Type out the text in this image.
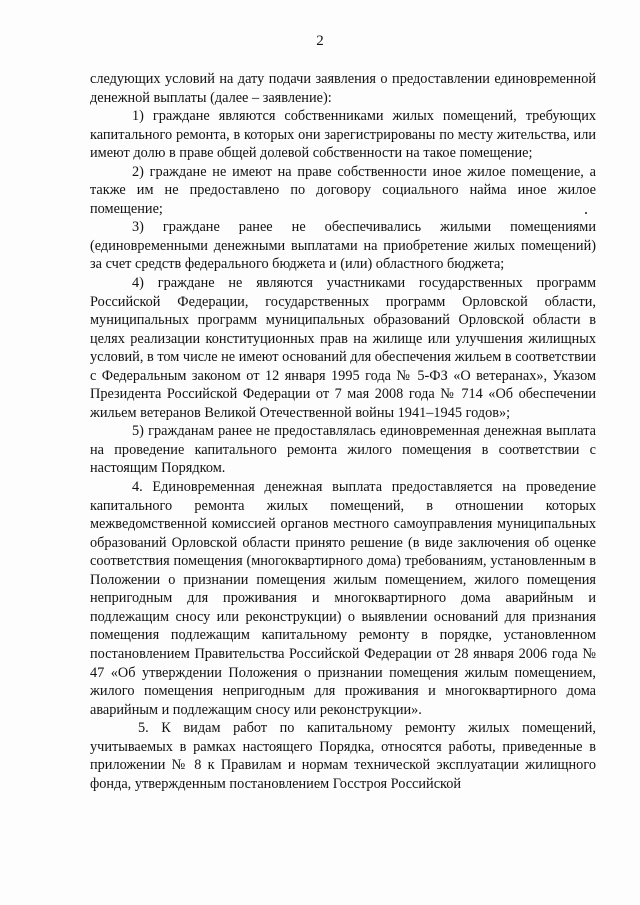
2

следующих условий на дату подачи заявления о предоставлении единовременной денежной выплаты (далее – заявление):

1) граждане являются собственниками жилых помещений, требующих капитального ремонта, в которых они зарегистрированы по месту жительства, или имеют долю в праве общей долевой собственности на такое помещение;

2) граждане не имеют на праве собственности иное жилое помещение, а также им не предоставлено по договору социального найма иное жилое помещение;

3) граждане ранее не обеспечивались жилыми помещениями (единовременными денежными выплатами на приобретение жилых помещений) за счет средств федерального бюджета и (или) областного бюджета;

4) граждане не являются участниками государственных программ Российской Федерации, государственных программ Орловской области, муниципальных программ муниципальных образований Орловской области в целях реализации конституционных прав на жилище или улучшения жилищных условий, в том числе не имеют оснований для обеспечения жильем в соответствии с Федеральным законом от 12 января 1995 года № 5-ФЗ «О ветеранах», Указом Президента Российской Федерации от 7 мая 2008 года № 714 «Об обеспечении жильем ветеранов Великой Отечественной войны 1941–1945 годов»;

5) гражданам ранее не предоставлялась единовременная денежная выплата на проведение капитального ремонта жилого помещения в соответствии с настоящим Порядком.

4. Единовременная денежная выплата предоставляется на проведение капитального ремонта жилых помещений, в отношении которых межведомственной комиссией органов местного самоуправления муниципальных образований Орловской области принято решение (в виде заключения об оценке соответствия помещения (многоквартирного дома) требованиям, установленным в Положении о признании помещения жилым помещением, жилого помещения непригодным для проживания и многоквартирного дома аварийным и подлежащим сносу или реконструкции) о выявлении оснований для признания помещения подлежащим капитальному ремонту в порядке, установленном постановлением Правительства Российской Федерации от 28 января 2006 года № 47 «Об утверждении Положения о признании помещения жилым помещением, жилого помещения непригодным для проживания и многоквартирного дома аварийным и подлежащим сносу или реконструкции».

5. К видам работ по капитальному ремонту жилых помещений, учитываемых в рамках настоящего Порядка, относятся работы, приведенные в приложении № 8 к Правилам и нормам технической эксплуатации жилищного фонда, утвержденным постановлением Госстроя Российской
